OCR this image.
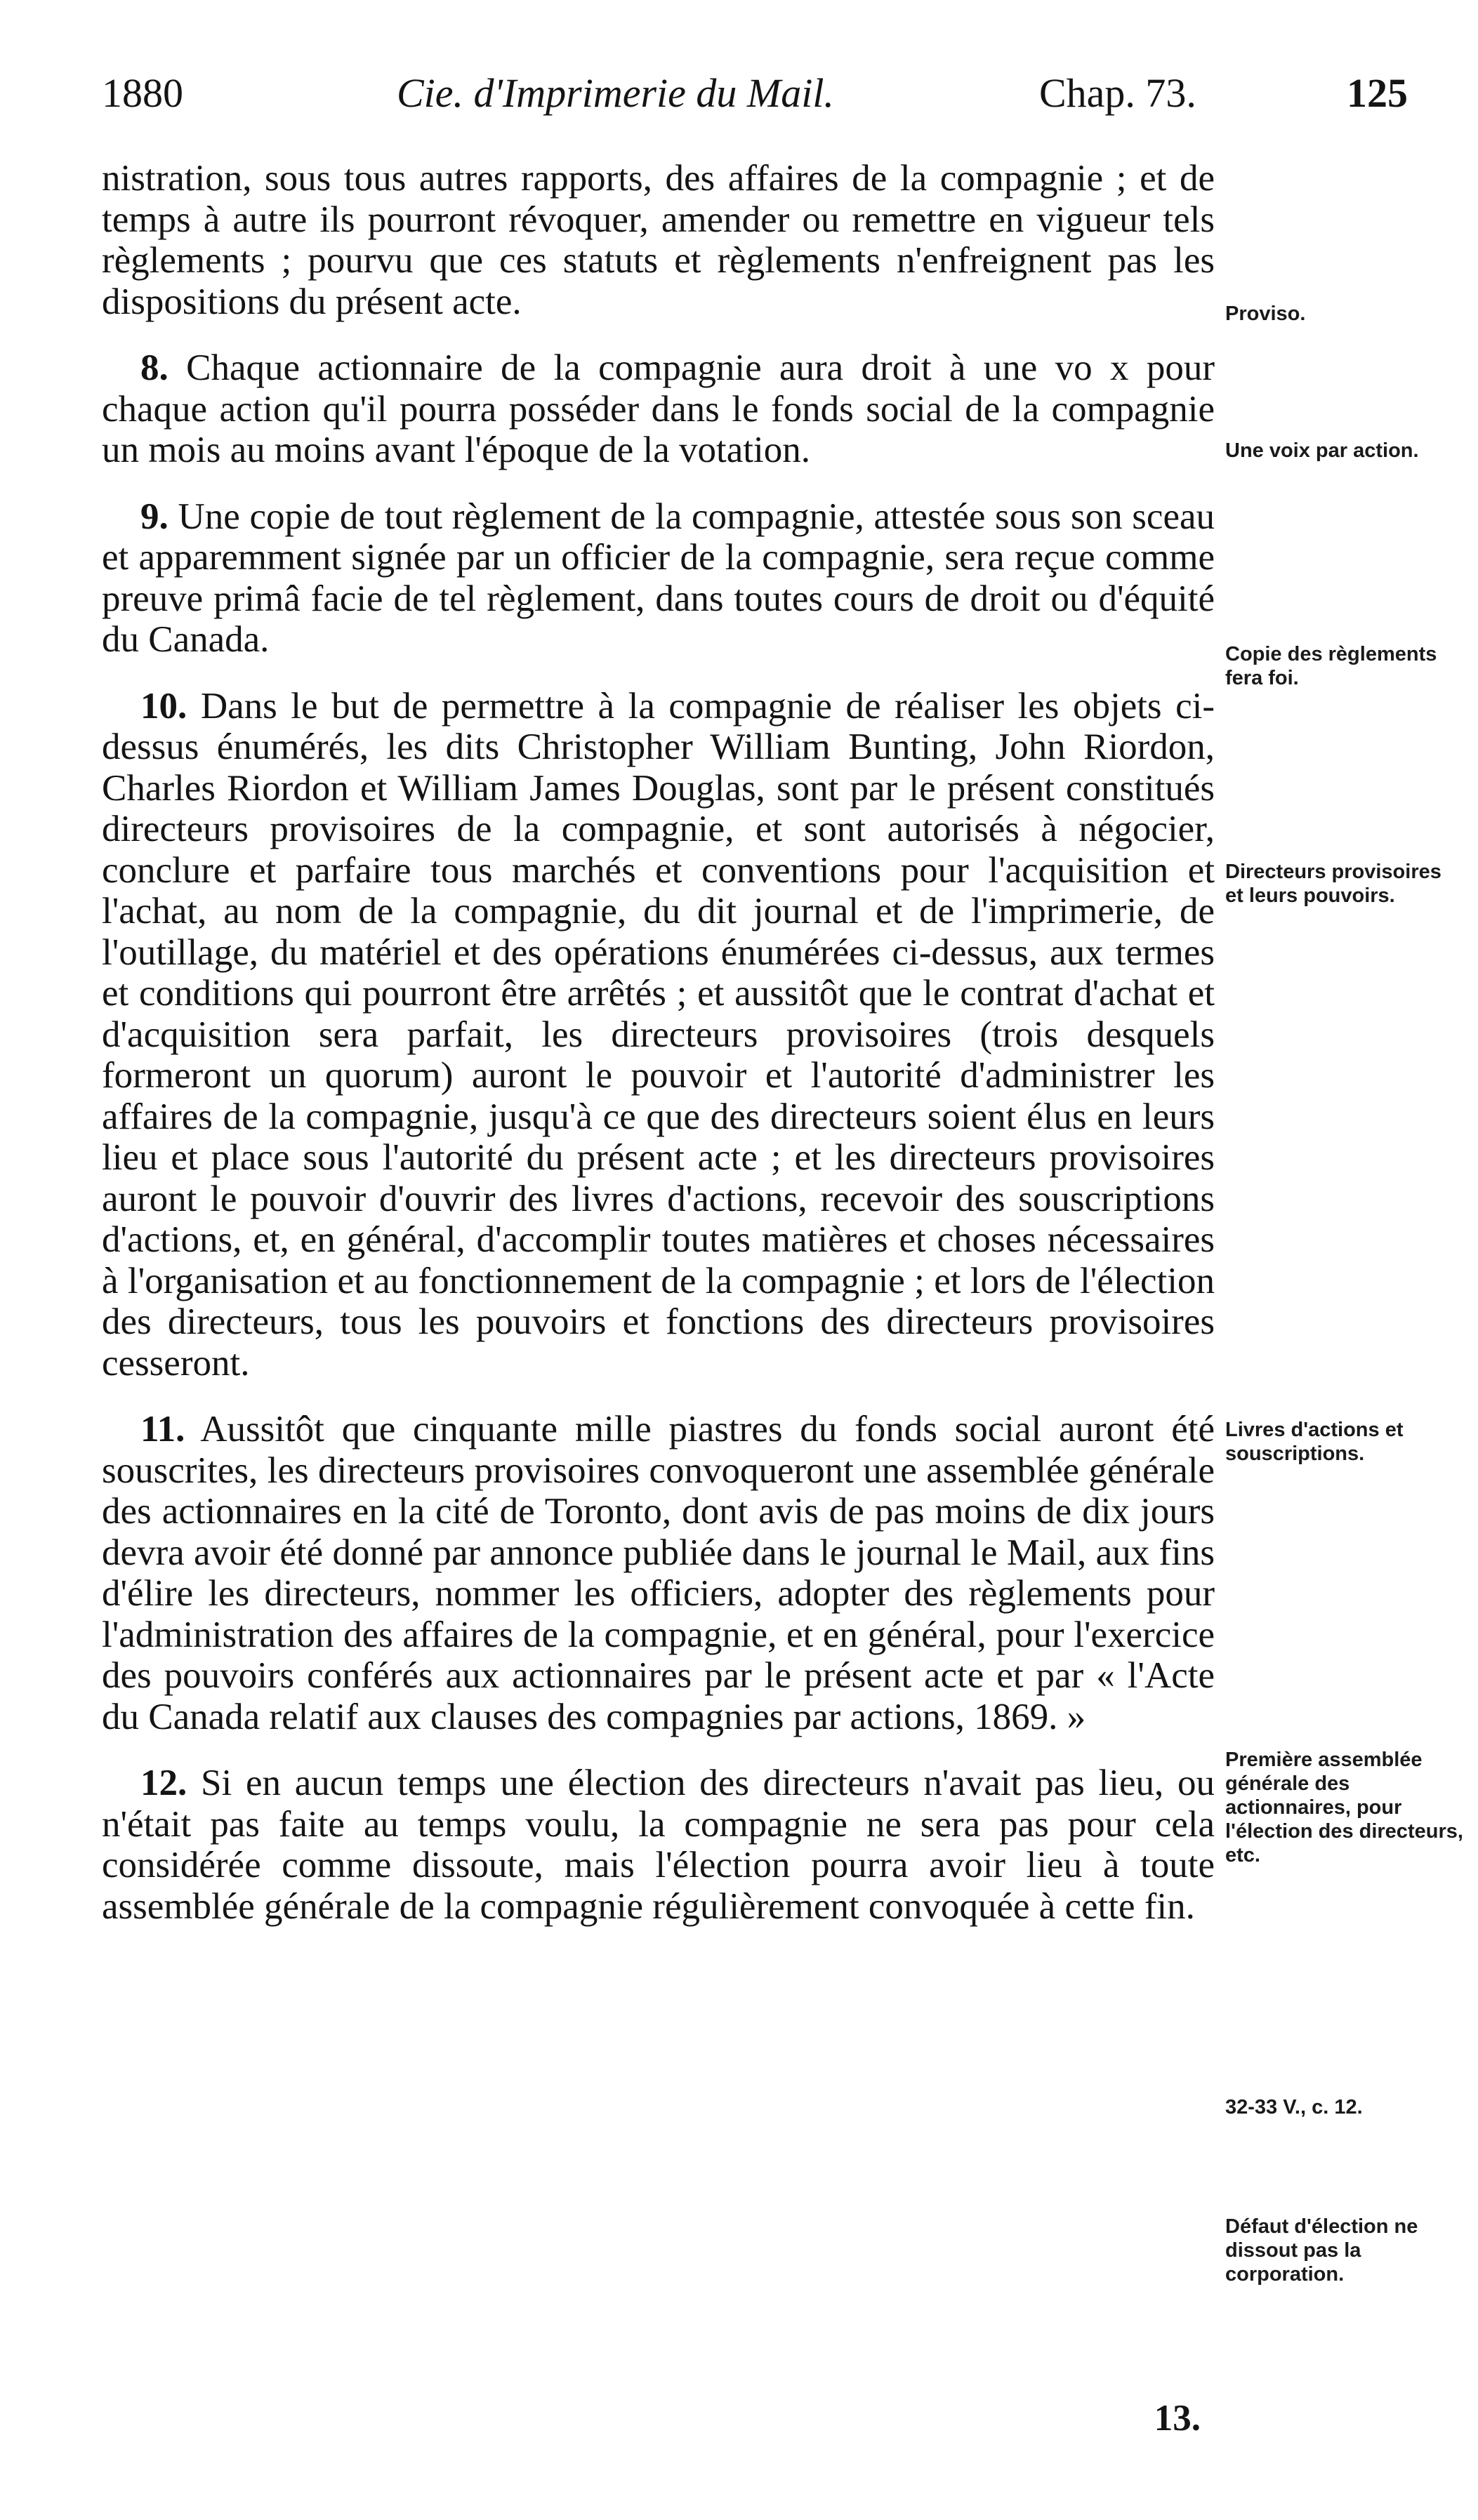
1880	Cie. d'Imprimerie du Mail.	Chap. 73.	125

nistration, sous tous autres rapports, des affaires de la compagnie ; et de temps à autre ils pourront révoquer, amender ou remettre en vigueur tels règlements ; pourvu que ces statuts et règlements n'enfreignent pas les dispositions du présent acte.

8. Chaque actionnaire de la compagnie aura droit à une vo x pour chaque action qu'il pourra posséder dans le fonds social de la compagnie un mois au moins avant l'époque de la votation.

9. Une copie de tout règlement de la compagnie, attestée sous son sceau et apparemment signée par un officier de la compagnie, sera reçue comme preuve primâ facie de tel règlement, dans toutes cours de droit ou d'équité du Canada.

10. Dans le but de permettre à la compagnie de réaliser les objets ci-dessus énumérés, les dits Christopher William Bunting, John Riordon, Charles Riordon et William James Douglas, sont par le présent constitués directeurs provisoires de la compagnie, et sont autorisés à négocier, conclure et parfaire tous marchés et conventions pour l'acquisition et l'achat, au nom de la compagnie, du dit journal et de l'imprimerie, de l'outillage, du matériel et des opérations énumérées ci-dessus, aux termes et conditions qui pourront être arrêtés ; et aussitôt que le contrat d'achat et d'acquisition sera parfait, les directeurs provisoires (trois desquels formeront un quorum) auront le pouvoir et l'autorité d'administrer les affaires de la compagnie, jusqu'à ce que des directeurs soient élus en leurs lieu et place sous l'autorité du présent acte ; et les directeurs provisoires auront le pouvoir d'ouvrir des livres d'actions, recevoir des souscriptions d'actions, et, en général, d'accomplir toutes matières et choses nécessaires à l'organisation et au fonctionnement de la compagnie ; et lors de l'élection des directeurs, tous les pouvoirs et fonctions des directeurs provisoires cesseront.

11. Aussitôt que cinquante mille piastres du fonds social auront été souscrites, les directeurs provisoires convoqueront une assemblée générale des actionnaires en la cité de Toronto, dont avis de pas moins de dix jours devra avoir été donné par annonce publiée dans le journal le Mail, aux fins d'élire les directeurs, nommer les officiers, adopter des règlements pour l'administration des affaires de la compagnie, et en général, pour l'exercice des pouvoirs conférés aux actionnaires par le présent acte et par « l'Acte du Canada relatif aux clauses des compagnies par actions, 1869. »

12. Si en aucun temps une élection des directeurs n'avait pas lieu, ou n'était pas faite au temps voulu, la compagnie ne sera pas pour cela considérée comme dissoute, mais l'élection pourra avoir lieu à toute assemblée générale de la compagnie régulièrement convoquée à cette fin.

Proviso.
Une voix par action.
Copie des règlements fera foi.
Directeurs provisoires et leurs pouvoirs.
Livres d'actions et souscriptions.
Première assemblée générale des actionnaires, pour l'élection des directeurs, etc.
32-33 V., c. 12.
Défaut d'élection ne dissout pas la corporation.
13.
